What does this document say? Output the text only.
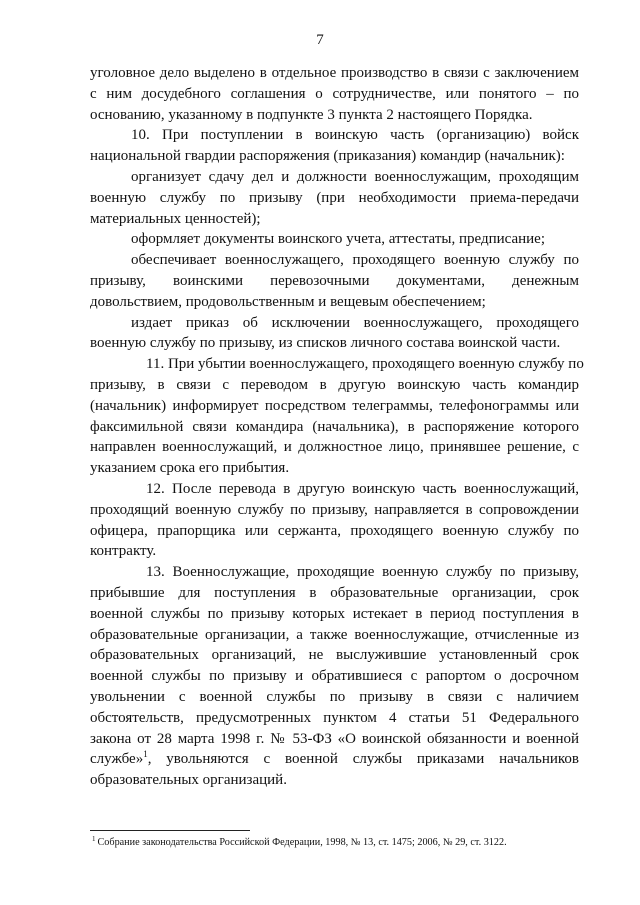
7
уголовное дело выделено в отдельное производство в связи с заключением
с ним досудебного соглашения о сотрудничестве, или понятого – по
основанию, указанному в подпункте 3 пункта 2 настоящего Порядка.
10. При поступлении в воинскую часть (организацию) войск
национальной гвардии распоряжения (приказания) командир (начальник):
организует сдачу дел и должности военнослужащим, проходящим
военную службу по призыву (при необходимости приема-передачи
материальных ценностей);
оформляет документы воинского учета, аттестаты, предписание;
обеспечивает военнослужащего, проходящего военную службу по
призыву, воинскими перевозочными документами, денежным
довольствием, продовольственным и вещевым обеспечением;
издает приказ об исключении военнослужащего, проходящего
военную службу по призыву, из списков личного состава воинской части.
11. При убытии военнослужащего, проходящего военную службу по
призыву, в связи с переводом в другую воинскую часть командир
(начальник) информирует посредством телеграммы, телефонограммы или
факсимильной связи командира (начальника), в распоряжение которого
направлен военнослужащий, и должностное лицо, принявшее решение, с
указанием срока его прибытия.
12. После перевода в другую воинскую часть военнослужащий,
проходящий военную службу по призыву, направляется в сопровождении
офицера, прапорщика или сержанта, проходящего военную службу по
контракту.
13. Военнослужащие, проходящие военную службу по призыву,
прибывшие для поступления в образовательные организации, срок
военной службы по призыву которых истекает в период поступления в
образовательные организации, а также военнослужащие, отчисленные из
образовательных организаций, не выслужившие установленный срок
военной службы по призыву и обратившиеся с рапортом о досрочном
увольнении с военной службы по призыву в связи с наличием
обстоятельств, предусмотренных пунктом 4 статьи 51 Федерального
закона от 28 марта 1998 г. № 53-ФЗ «О воинской обязанности и военной
службе»$^1$, увольняются с военной службы приказами начальников
образовательных организаций.
$^1$ Собрание законодательства Российской Федерации, 1998, № 13, ст. 1475; 2006, № 29, ст. 3122.
